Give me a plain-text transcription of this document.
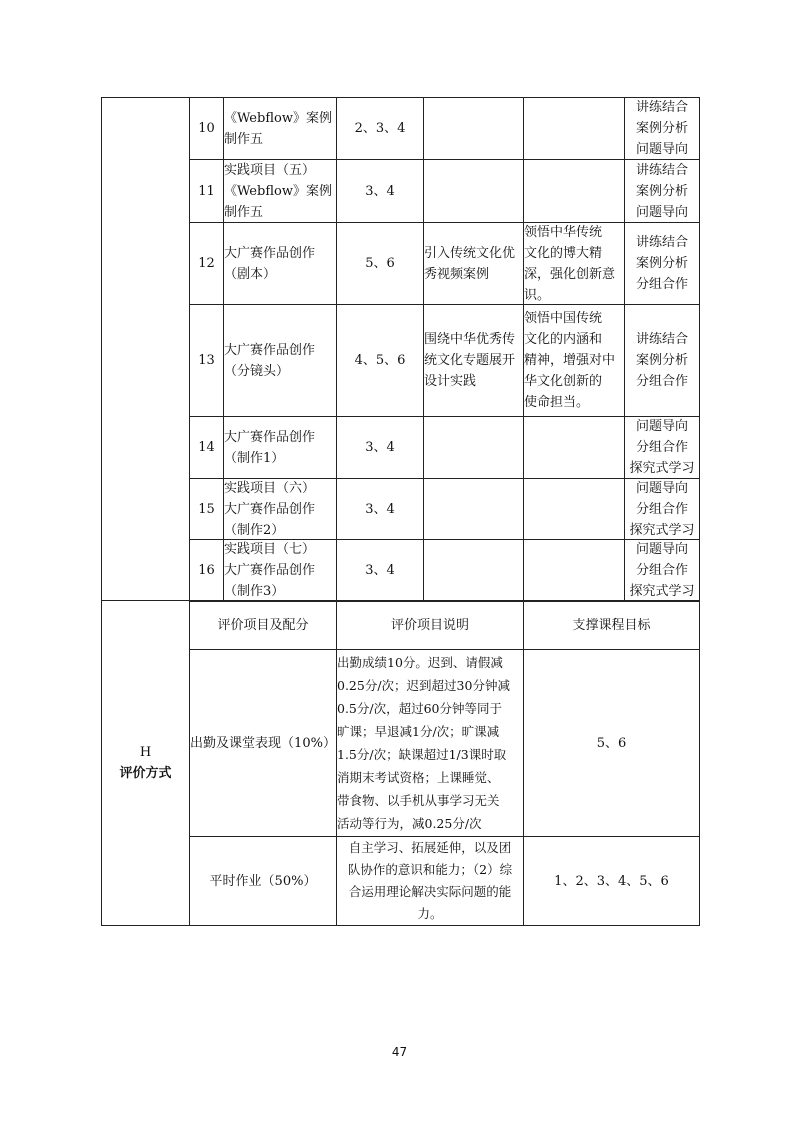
10
《Webflow》案例
制作五
2、3、4
讲练结合
案例分析
问题导向
11
实践项目（五）
《Webflow》案例
制作五
3、4
讲练结合
案例分析
问题导向
12
大广赛作品创作
（剧本）
5、6
引入传统文化优
秀视频案例
领悟中华传统
文化的博大精
深，强化创新意
识。
讲练结合
案例分析
分组合作
13
大广赛作品创作
（分镜头）
4、5、6
围绕中华优秀传
统文化专题展开
设计实践
领悟中国传统
文化的内涵和
精神，增强对中
华文化创新的
使命担当。
讲练结合
案例分析
分组合作
14
大广赛作品创作
（制作1）
3、4
问题导向
分组合作
探究式学习
15
实践项目（六）
大广赛作品创作
（制作2）
3、4
问题导向
分组合作
探究式学习
16
实践项目（七）
大广赛作品创作
（制作3）
3、4
问题导向
分组合作
探究式学习
H
评价方式
评价项目及配分	评价项目说明	支撑课程目标
出勤及课堂表现（10%）
出勤成绩10分。迟到、请假减
0.25分/次；迟到超过30分钟减
0.5分/次，超过60分钟等同于
旷课；早退减1分/次；旷课减
1.5分/次；缺课超过1/3课时取
消期末考试资格；上课睡觉、
带食物、以手机从事学习无关
活动等行为，减0.25分/次
5、6
平时作业（50%）
自主学习、拓展延伸，以及团
队协作的意识和能力；（2）综
合运用理论解决实际问题的能
力。
1、2、3、4、5、6
47
